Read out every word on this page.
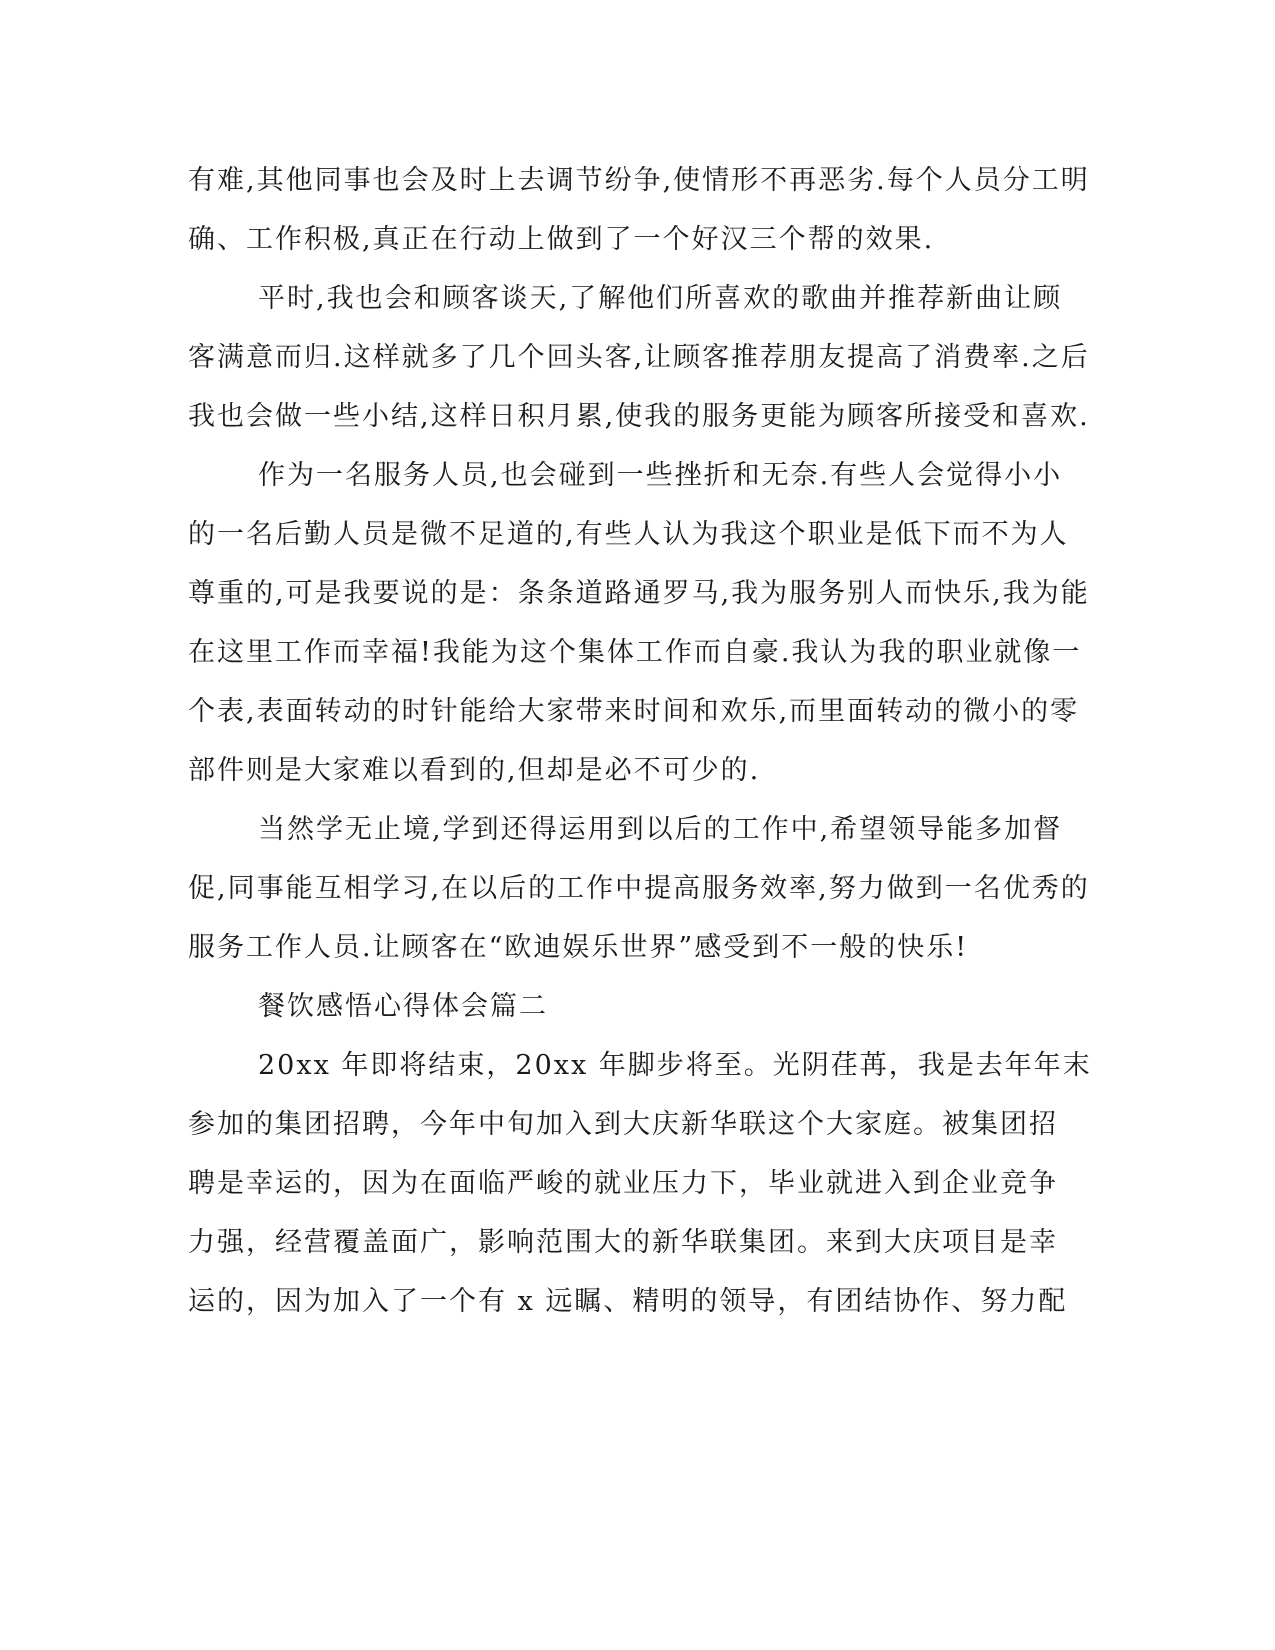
有难,其他同事也会及时上去调节纷争,使情形不再恶劣.每个人员分工明

确、工作积极,真正在行动上做到了一个好汉三个帮的效果.

平时,我也会和顾客谈天,了解他们所喜欢的歌曲并推荐新曲让顾

客满意而归.这样就多了几个回头客,让顾客推荐朋友提高了消费率.之后

我也会做一些小结,这样日积月累,使我的服务更能为顾客所接受和喜欢.

作为一名服务人员,也会碰到一些挫折和无奈.有些人会觉得小小

的一名后勤人员是微不足道的,有些人认为我这个职业是低下而不为人

尊重的,可是我要说的是：条条道路通罗马,我为服务别人而快乐,我为能

在这里工作而幸福!我能为这个集体工作而自豪.我认为我的职业就像一

个表,表面转动的时针能给大家带来时间和欢乐,而里面转动的微小的零

部件则是大家难以看到的,但却是必不可少的.

当然学无止境,学到还得运用到以后的工作中,希望领导能多加督

促,同事能互相学习,在以后的工作中提高服务效率,努力做到一名优秀的

服务工作人员.让顾客在“欧迪娱乐世界”感受到不一般的快乐!

餐饮感悟心得体会篇二

20xx 年即将结束，20xx 年脚步将至。光阴荏苒，我是去年年末

参加的集团招聘，今年中旬加入到大庆新华联这个大家庭。被集团招

聘是幸运的，因为在面临严峻的就业压力下，毕业就进入到企业竞争

力强，经营覆盖面广，影响范围大的新华联集团。来到大庆项目是幸

运的，因为加入了一个有 x 远瞩、精明的领导，有团结协作、努力配
